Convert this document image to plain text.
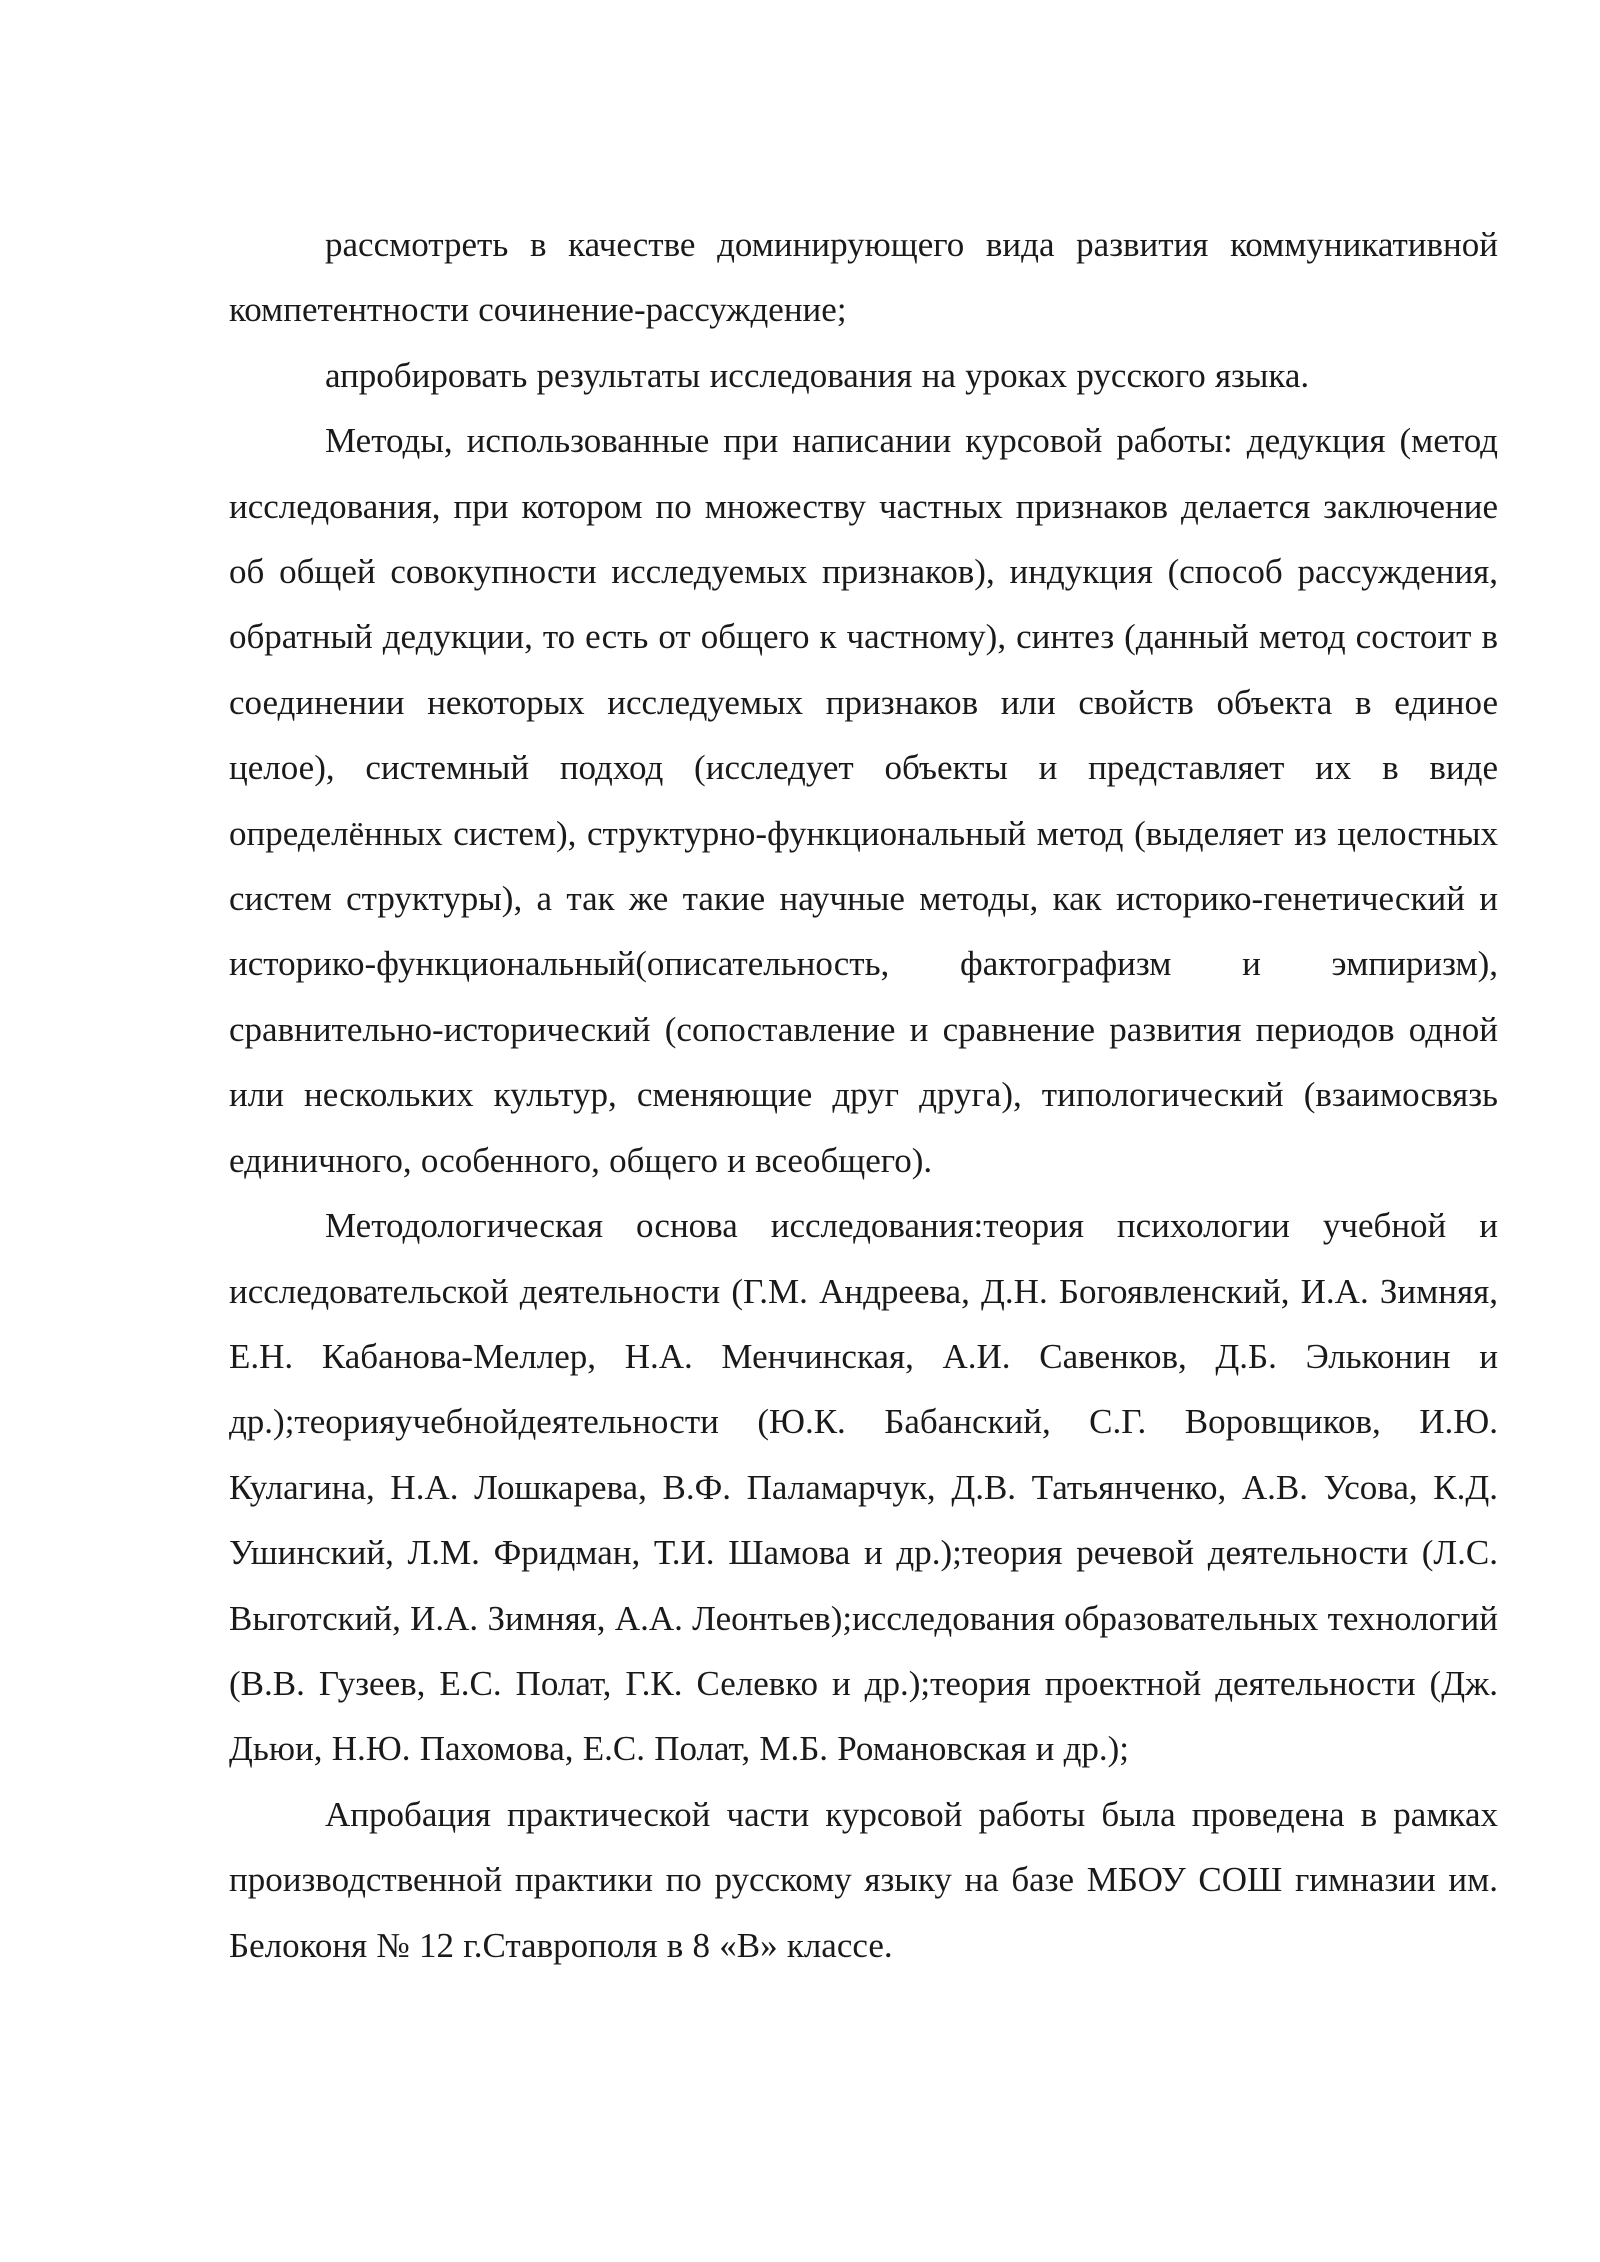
рассмотреть в качестве доминирующего вида развития коммуникативной компетентности сочинение-рассуждение;

апробировать результаты исследования на уроках русского языка.

Методы, использованные при написании курсовой работы: дедукция (метод исследования, при котором по множеству частных признаков делается заключение об общей совокупности исследуемых признаков), индукция (способ рассуждения, обратный дедукции, то есть от общего к частному), синтез (данный метод состоит в соединении некоторых исследуемых признаков или свойств объекта в единое целое), системный подход (исследует объекты и представляет их в виде определённых систем), структурно-функциональный метод (выделяет из целостных систем структуры), а так же такие научные методы, как историко-генетический и историко-функциональный(описательность, фактографизм и эмпиризм), сравнительно-исторический (сопоставление и сравнение развития периодов одной или нескольких культур, сменяющие друг друга), типологический (взаимосвязь единичного, особенного, общего и всеобщего).

Методологическая основа исследования:теория психологии учебной и исследовательской деятельности (Г.М. Андреева, Д.Н. Богоявленский, И.А. Зимняя, Е.Н. Кабанова-Меллер, Н.А. Менчинская, А.И. Савенков, Д.Б. Эльконин и др.);теорияучебнойдеятельности (Ю.К. Бабанский, С.Г. Воровщиков, И.Ю. Кулагина, Н.А. Лошкарева, В.Ф. Паламарчук, Д.В. Татьянченко, А.В. Усова, К.Д. Ушинский, Л.М. Фридман, Т.И. Шамова и др.);теория речевой деятельности (Л.С. Выготский, И.А. Зимняя, А.А. Леонтьев);исследования образовательных технологий (В.В. Гузеев, Е.С. Полат, Г.К. Селевко и др.);теория проектной деятельности (Дж. Дьюи, Н.Ю. Пахомова, Е.С. Полат, М.Б. Романовская и др.);

Апробация практической части курсовой работы была проведена в рамках производственной практики по русскому языку на базе МБОУ СОШ гимназии им. Белоконя № 12 г.Ставрополя в 8 «В» классе.
